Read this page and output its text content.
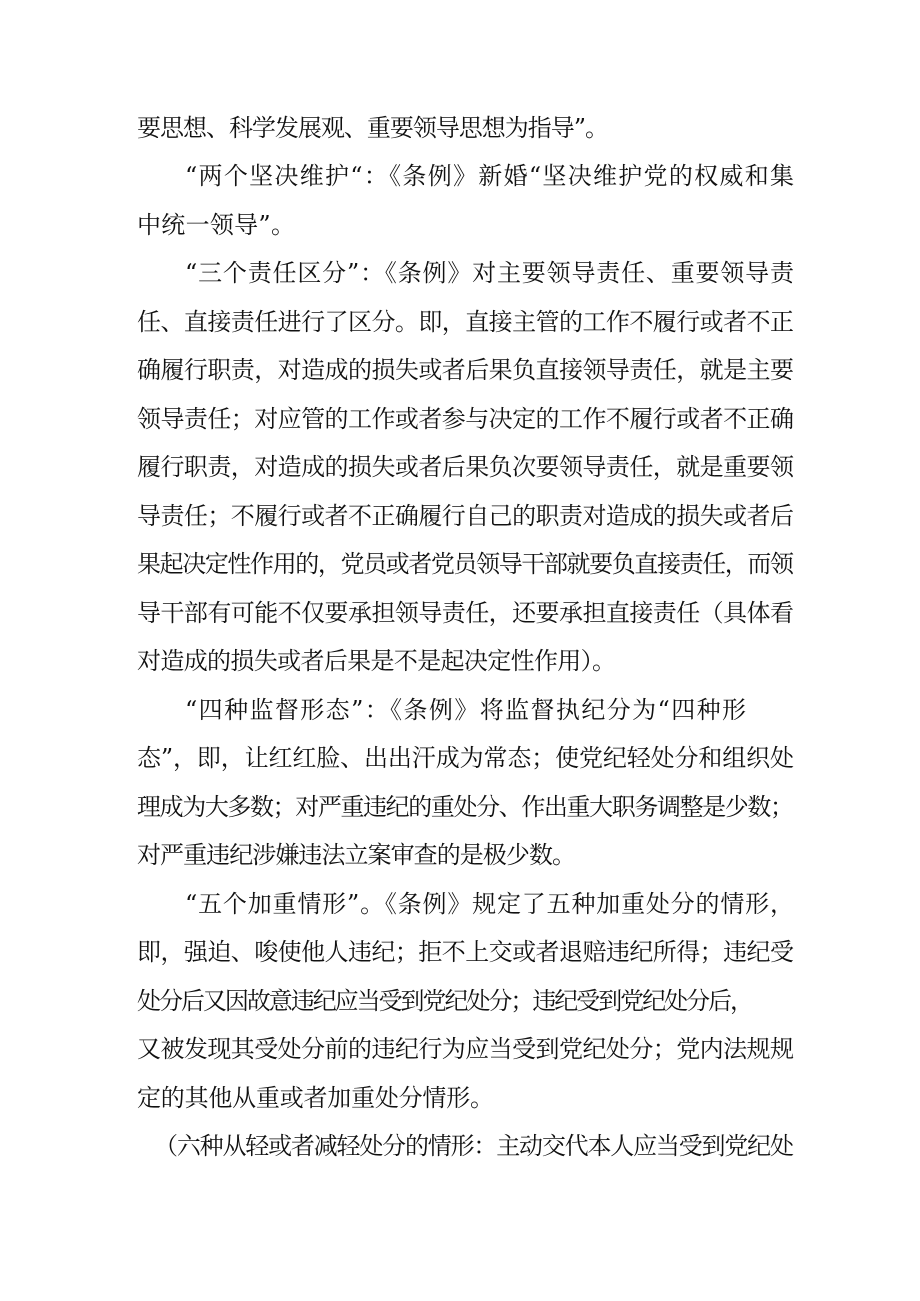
要思想、科学发展观、重要领导思想为指导”。
“两个坚决维护“：《条例》新婚“坚决维护党的权威和集
中统一领导”。
“三个责任区分”：《条例》对主要领导责任、重要领导责
任、直接责任进行了区分。即，直接主管的工作不履行或者不正
确履行职责，对造成的损失或者后果负直接领导责任，就是主要
领导责任；对应管的工作或者参与决定的工作不履行或者不正确
履行职责，对造成的损失或者后果负次要领导责任，就是重要领
导责任；不履行或者不正确履行自己的职责对造成的损失或者后
果起决定性作用的，党员或者党员领导干部就要负直接责任，而领
导干部有可能不仅要承担领导责任，还要承担直接责任（具体看
对造成的损失或者后果是不是起决定性作用）。
“四种监督形态”：《条例》将监督执纪分为“四种形
态”，即，让红红脸、出出汗成为常态；使党纪轻处分和组织处
理成为大多数；对严重违纪的重处分、作出重大职务调整是少数；
对严重违纪涉嫌违法立案审查的是极少数。
“五个加重情形”。《条例》规定了五种加重处分的情形，
即，强迫、唆使他人违纪；拒不上交或者退赔违纪所得；违纪受
处分后又因故意违纪应当受到党纪处分；违纪受到党纪处分后，
又被发现其受处分前的违纪行为应当受到党纪处分；党内法规规
定的其他从重或者加重处分情形。
（六种从轻或者减轻处分的情形：主动交代本人应当受到党纪处
